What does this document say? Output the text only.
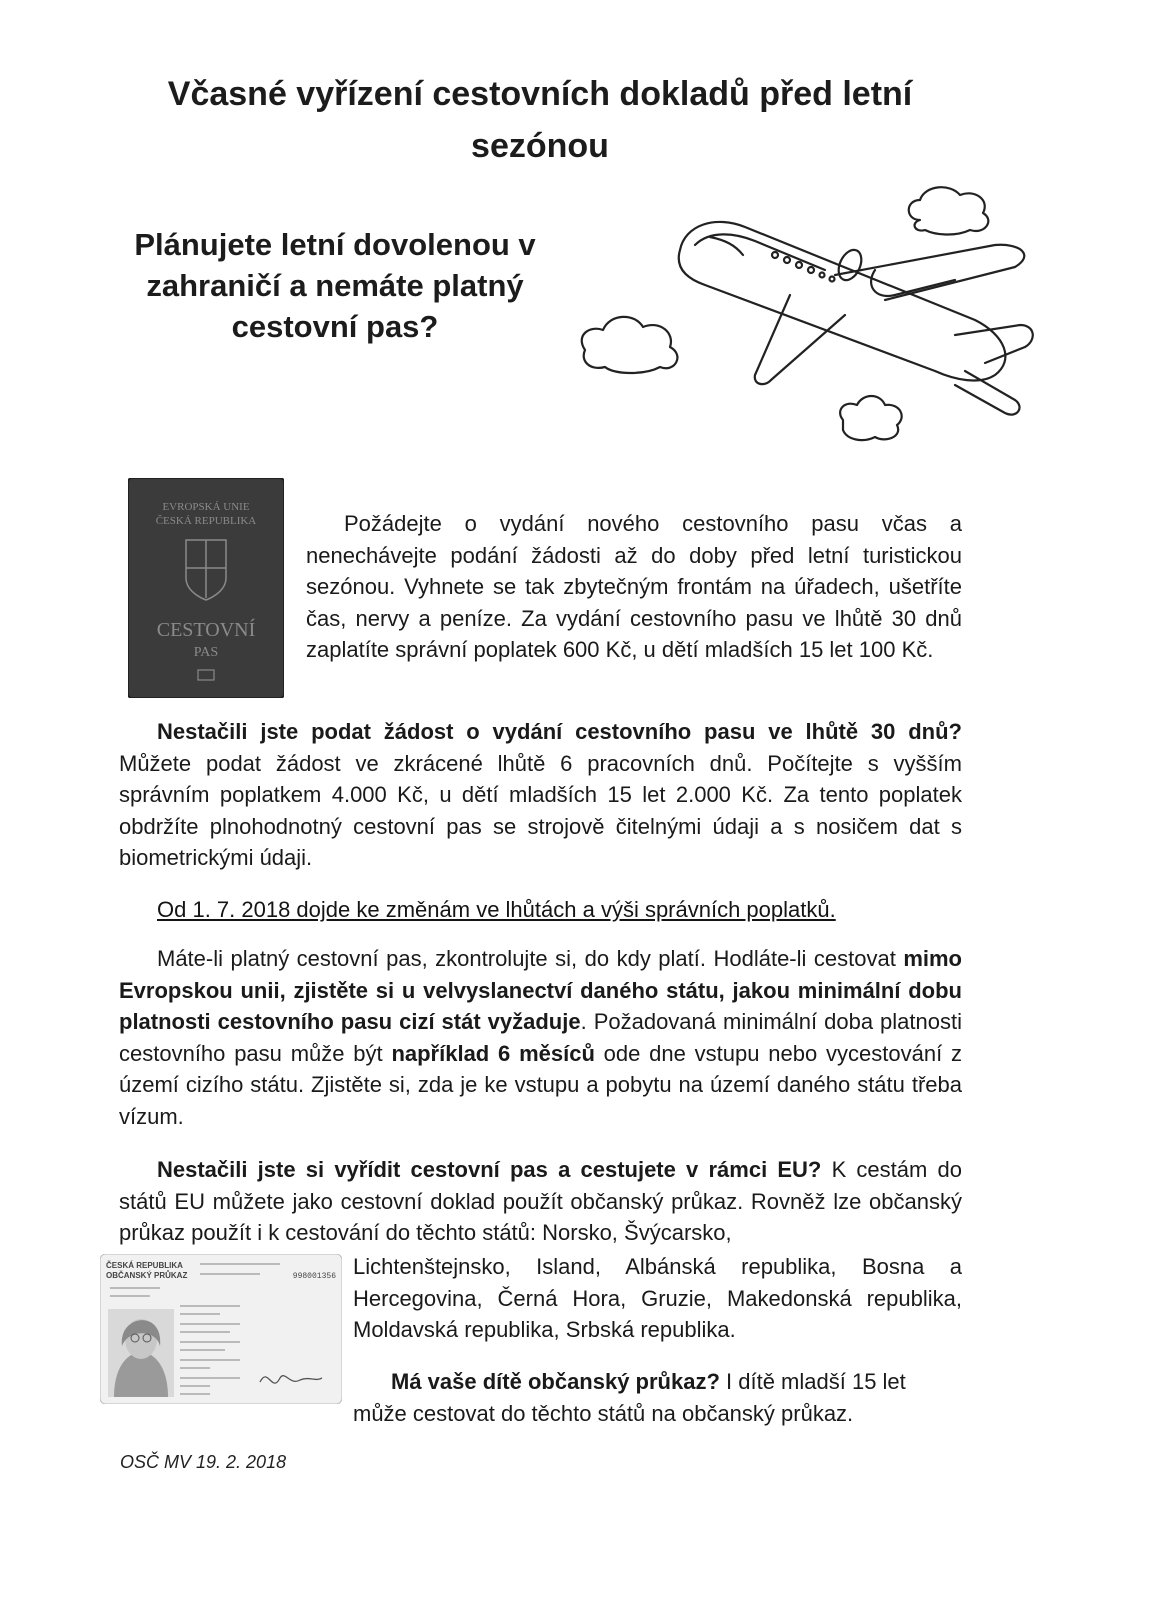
Včasné vyřízení cestovních dokladů před letní sezónou
Plánujete letní dovolenou v zahraničí a nemáte platný cestovní pas?
EVROPSKÁ UNIE
ČESKÁ REPUBLIKA
CESTOVNÍ
PAS
ČESKÁ REPUBLIKA
OBČANSKÝ PRŮKAZ	998001356
Požádejte o vydání nového cestovního pasu včas a nenechávejte podání žádosti až do doby před letní turistickou sezónou. Vyhnete se tak zbytečným frontám na úřadech, ušetříte čas, nervy a peníze. Za vydání cestovního pasu ve lhůtě 30 dnů zaplatíte správní poplatek 600 Kč, u dětí mladších 15 let 100 Kč.
Nestačili jste podat žádost o vydání cestovního pasu ve lhůtě 30 dnů? Můžete podat žádost ve zkrácené lhůtě 6 pracovních dnů. Počítejte s vyšším správním poplatkem 4.000 Kč, u dětí mladších 15 let 2.000 Kč. Za tento poplatek obdržíte plnohodnotný cestovní pas se strojově čitelnými údaji a s nosičem dat s biometrickými údaji.
Od 1. 7. 2018 dojde ke změnám ve lhůtách a výši správních poplatků.
Máte-li platný cestovní pas, zkontrolujte si, do kdy platí. Hodláte-li cestovat mimo Evropskou unii, zjistěte si u velvyslanectví daného státu, jakou minimální dobu platnosti cestovního pasu cizí stát vyžaduje. Požadovaná minimální doba platnosti cestovního pasu může být například 6 měsíců ode dne vstupu nebo vycestování z území cizího státu. Zjistěte si, zda je ke vstupu a pobytu na území daného státu třeba vízum.
Nestačili jste si vyřídit cestovní pas a cestujete v rámci EU? K cestám do států EU můžete jako cestovní doklad použít občanský průkaz. Rovněž lze občanský průkaz použít i k cestování do těchto států: Norsko, Švýcarsko,
Lichtenštejnsko, Island, Albánská republika, Bosna a Hercegovina, Černá Hora, Gruzie, Makedonská republika, Moldavská republika, Srbská republika.
Má vaše dítě občanský průkaz? I dítě mladší 15 let může cestovat do těchto států na občanský průkaz.
OSČ MV 19. 2. 2018
